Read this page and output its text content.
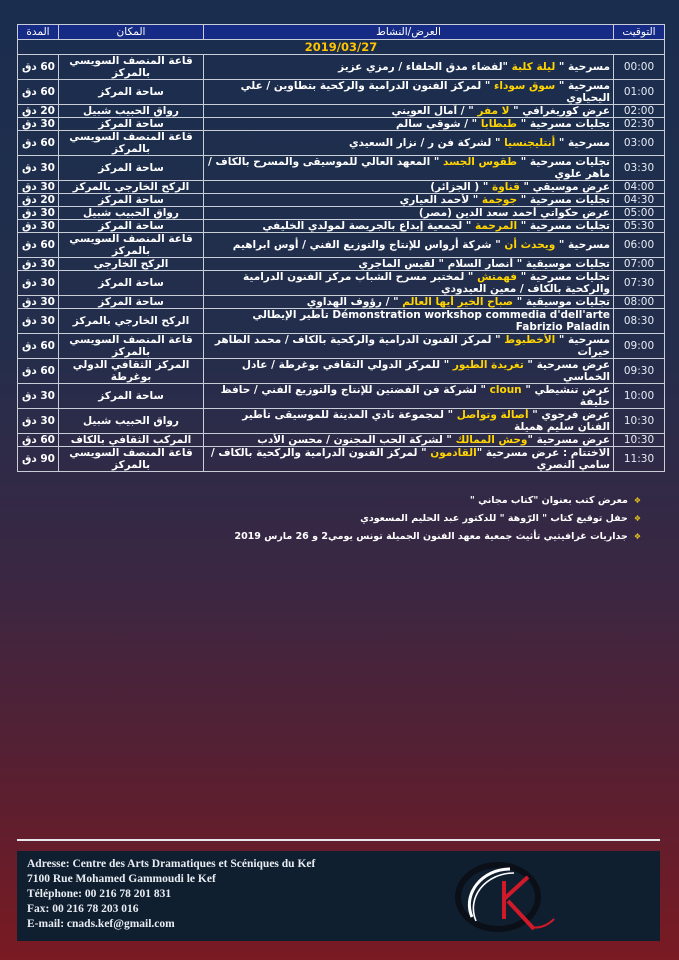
المدة	المكان	العرض/النشاط	التوقيت
2019/03/27			
60 دق	قاعة المنصف السويسي بالمركز	مسرحية " ليلة كلبة "لفضاء مدق الحلفاء / رمزي عزيز	00:00
60 دق	ساحة المركز	مسرحية " سوق سوداء " لمركز الفنون الدرامية والركحية بتطاوين / علي اليحياوي	01:00
20 دق	رواق الحبيب شبيل	عرض كوريغرافي " لا مفر " / آمال العويني	02:00
30 دق	ساحة المركز	تجليات مسرحية " طبطابا " / شوقي سالم	02:30
60 دق	قاعة المنصف السويسي بالمركز	مسرحية " أنتليجنسيا " لشركة فن ر / نزار السعيدي	03:00
30 دق	ساحة المركز	تجليات مسرحية " طقوس الجسد " المعهد العالي للموسيقى والمسرح بالكاف / ماهر علوي	03:30
30 دق	الركح الخارجي بالمركز	عرض موسيقي " قناوة " ( الجزائر)	04:00
20 دق	ساحة المركز	تجليات مسرحية " جوجمة " لأحمد العياري	04:30
30 دق	رواق الحبيب شبيل	عرض حكواتي أحمد سعد الدين (مصر)	05:00
30 دق	ساحة المركز	تجليات مسرحية " المرحمة " لجمعية إبداع بالجريصة لمولدي الخليفي	05:30
60 دق	قاعة المنصف السويسي بالمركز	مسرحية " ويحدث أن " شركة أرواس للإنتاج والتوزيع الفني / أوس ابراهيم	06:00
30 دق	الركح الخارجي	تجليات موسيقية " أنصار السلام " لقيس الماجري	07:00
30 دق	ساحة المركز	تجليات مسرحية " فهمتش " لمختبر مسرح الشباب مركز الفنون الدرامية والركحية بالكاف / معين العيدودي	07:30
30 دق	ساحة المركز	تجليات موسيقية " صباح الخير أيها العالم " / رؤوف الهداوي	08:00
30 دق	الركح الخارجي بالمركز	Démonstration workshop commedia d'dell'arte تأطير الإيطالي Fabrizio Paladin	08:30
60 دق	قاعة المنصف السويسي بالمركز	مسرحية " الأخطبوط " لمركز الفنون الدرامية والركحية بالكاف / محمد الطاهر خيرات	09:00
60 دق	المركز الثقافي الدولي بوغرطة	عرض مسرحية " تغريدة الطيور " للمركز الدولي الثقافي بوغرطة / عادل الخماسي	09:30
30 دق	ساحة المركز	عرض تنشيطي " cloun " لشركة فن الفضتين للإنتاج والتوزيع الفني / حافظ خليفة	10:00
30 دق	رواق الحبيب شبيل	عرض فرجوي " أصالة وتواصل " لمجموعة نادي المدينة للموسيقى تأطير الفنان سليم هميلة	10:30
60 دق	المركب الثقافي بالكاف	عرض مسرحية "وحش الممالك " لشركة الحب المجنون / محسن الأدب	10:30
90 دق	قاعة المنصف السويسي بالمركز	الاختتام : عرض مسرحية "القادمون " لمركز الفنون الدرامية والركحية بالكاف / سامي النصري	11:30
❖
معرض كتب بعنوان "كتاب مجاني "
❖
حفل توقيع كتاب " الرّوهة " للدكتور عبد الحليم المسعودي
❖
جداريات غرافيتيي تأثيث جمعية معهد الفنون الجميلة تونس يومي2 و 26 مارس 2019
Adresse: Centre des Arts Dramatiques et Scéniques du Kef
7100 Rue Mohamed Gammoudi le Kef
Téléphone: 00 216 78 201 831
Fax: 00 216 78 203 016
E-mail: cnads.kef@gmail.com
